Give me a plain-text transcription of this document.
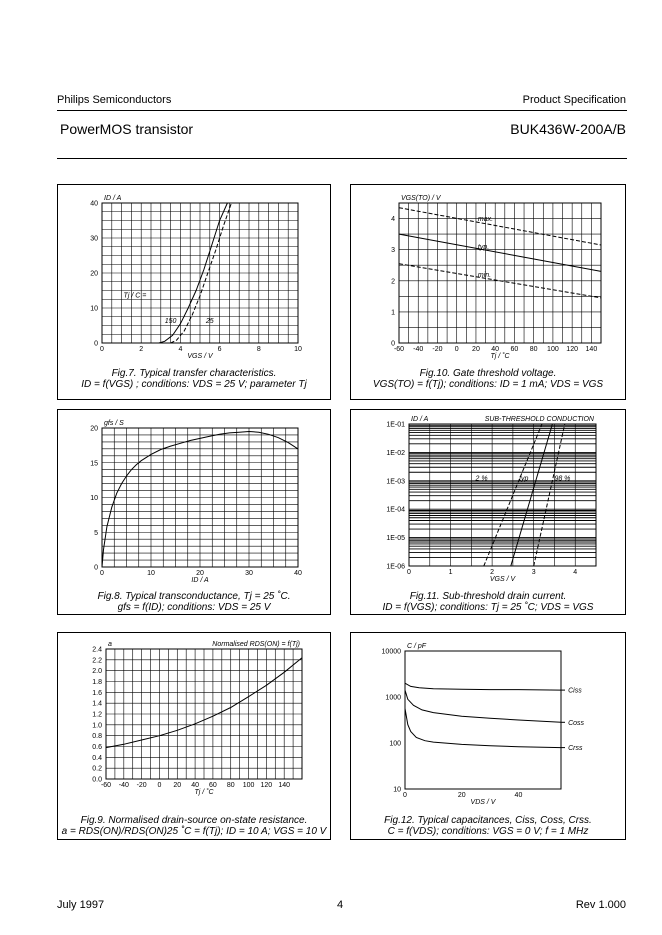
Philips Semiconductors	Product Specification
PowerMOS transistor	BUK436W-200A/B
0	2	4	6	8	10
0
10
20
30
40
VGS / V
ID / A
Tj / C =
150	25
Fig.7. Typical transfer characteristics.
ID = f(VGS) ; conditions: VDS = 25 V; parameter Tj
-60 -40 -20 0 20 40 60 80 100 120 140
0
1
2
3
4
Tj / ˚C
VGS(TO) / V
max.
typ.
min.
Fig.10. Gate threshold voltage.
VGS(TO) = f(Tj); conditions: ID = 1 mA; VDS = VGS
0	10	20	30	40
0
5
10
15
20
ID / A
gfs / S
Fig.8. Typical transconductance, Tj = 25 ˚C.
gfs = f(ID); conditions: VDS = 25 V
0	1	2	3	4
1E-06
1E-05
1E-04
1E-03
1E-02
1E-01
VGS / V
ID / A	SUB-THRESHOLD CONDUCTION
2 %	typ	98 %
Fig.11. Sub-threshold drain current.
ID = f(VGS); conditions: Tj = 25 ˚C; VDS = VGS
-60 -40 -20 0 20 40 60 80 100 120 140
0.0
0.2
0.4
0.6
0.8
1.0
1.2
1.4
1.6
1.8
2.0
2.2
2.4
Tj / ˚C
a	Normalised RDS(ON) = f(Tj)
Fig.9. Normalised drain-source on-state resistance.
a = RDS(ON)/RDS(ON)25 ˚C = f(Tj); ID = 10 A; VGS = 10 V
0	20	40
10
100
1000
10000
VDS / V
C / pF
Ciss
Coss
Crss
Fig.12. Typical capacitances, Ciss, Coss, Crss.
C = f(VDS); conditions: VGS = 0 V; f = 1 MHz
July 1997	4	Rev 1.000
